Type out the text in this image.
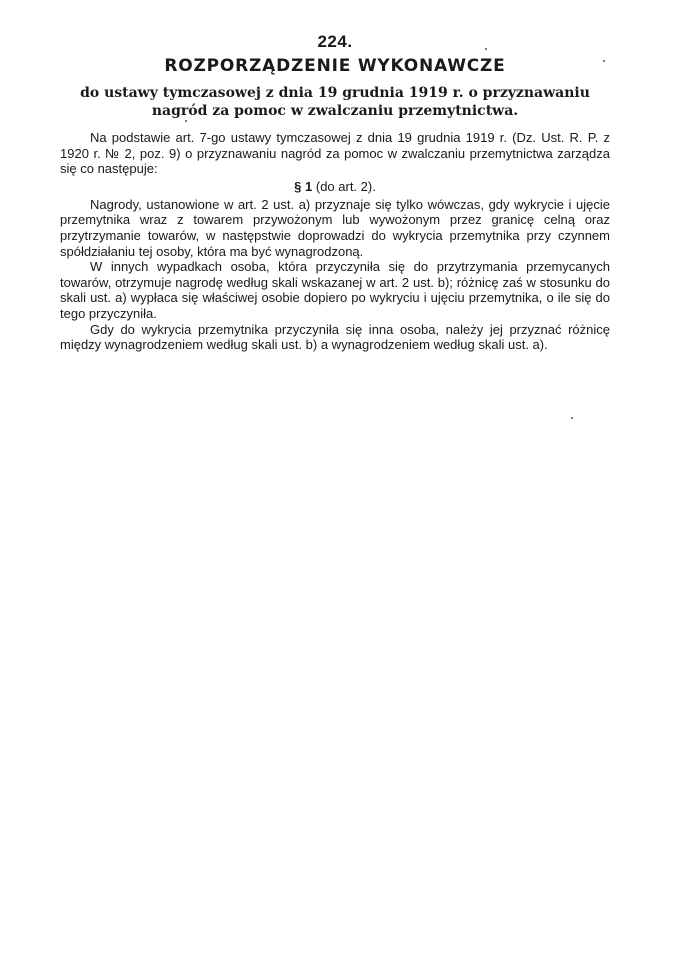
224.
ROZPORZĄDZENIE WYKONAWCZE
do ustawy tymczasowej z dnia 19 grudnia 1919 r. o przyznawaniu
nagród za pomoc w zwalczaniu przemytnictwa.

Na podstawie art. 7-go ustawy tymczasowej z dnia 19 grudnia 1919 r. (Dz. Ust. R. P. z 1920 r. № 2, poz. 9) o przyznawaniu nagród za pomoc w zwalczaniu przemytnictwa zarządza się co następuje:

§ 1 (do art. 2).

Nagrody, ustanowione w art. 2 ust. a) przyznaje się tylko wówczas, gdy wykrycie i ujęcie przemytnika wraz z towarem przywożonym lub wywożonym przez granicę celną oraz przytrzymanie towarów, w następstwie doprowadzi do wykrycia przemytnika przy czynnem spółdziałaniu tej osoby, która ma być wynagrodzoną.

W innych wypadkach osoba, która przyczyniła się do przytrzymania przemycanych towarów, otrzymuje nagrodę według skali wskazanej w art. 2 ust. b); różnicę zaś w stosunku do skali ust. a) wypłaca się właściwej osobie dopiero po wykryciu i ujęciu przemytnika, o ile się do tego przyczyniła.

Gdy do wykrycia przemytnika przyczyniła się inna osoba, należy jej przyznać różnicę między wynagrodzeniem według skali ust. b) a wynagrodzeniem według skali ust. a).
